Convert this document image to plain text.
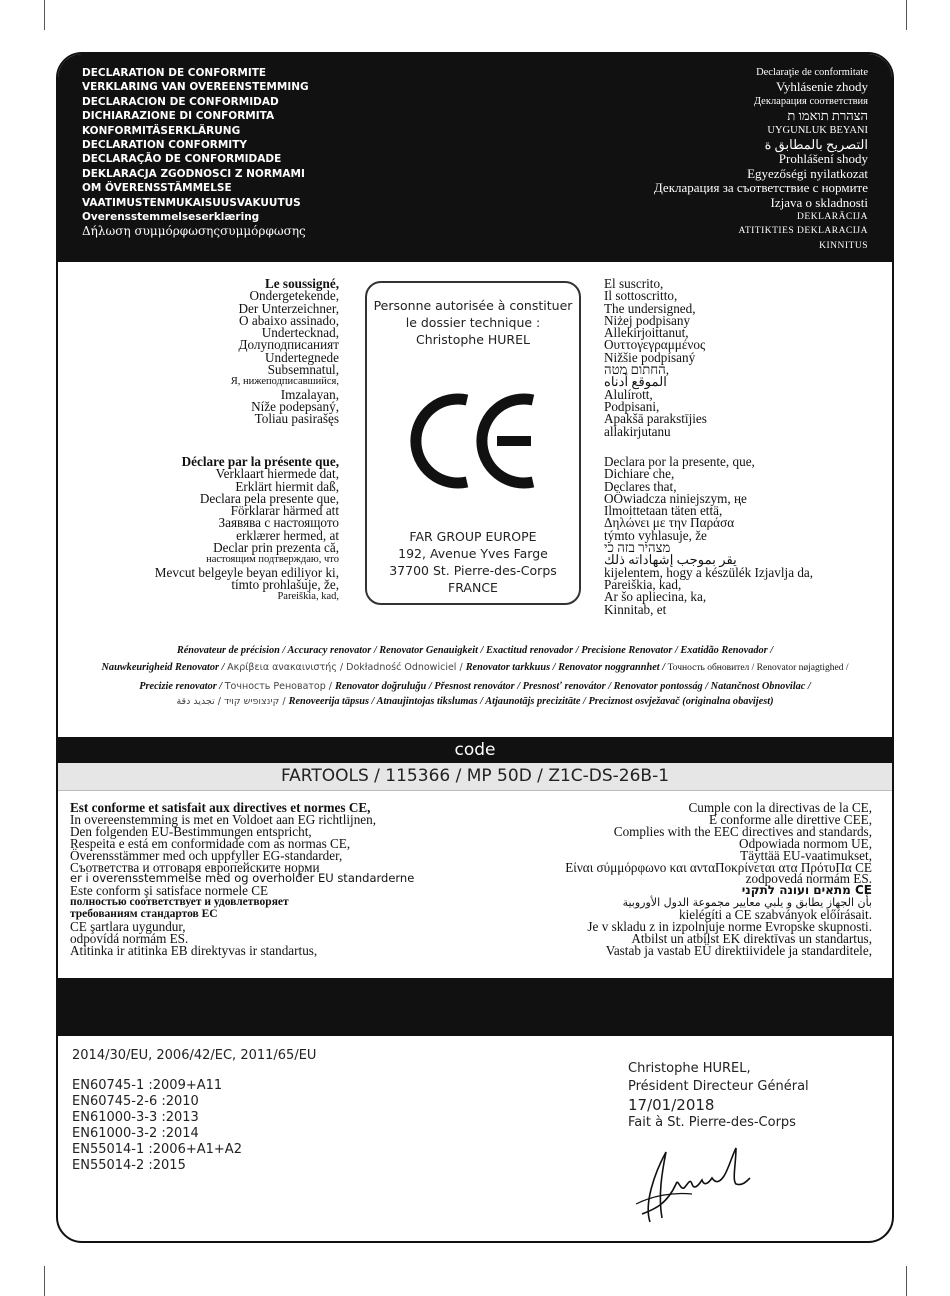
DECLARATION DE CONFORMITE
VERKLARING VAN OVEREENSTEMMING
DECLARACION DE CONFORMIDAD
DICHIARAZIONE DI CONFORMITA
KONFORMITÄSERKLÄRUNG
DECLARATION CONFORMITY
DECLARAÇÃO DE CONFORMIDADE
DEKLARACJA ZGODNOSCI Z NORMAMI
OM ÖVERENSSTÄMMELSE
VAATIMUSTENMUKAISUUSVAKUUTUS
Overensstemmelseserklæring
Δήλωση συμμόρφωσηςσυμμόρφωσης
Declaraţie de conformitate
Vyhlásenie zhody
Декларация соответствия
הצהרת תואמו ת
UYGUNLUK BEYANI
التصريح بالمطابق ة
Prohlášení shody
Egyezőségi nyilatkozat
Декларация за съответствие с нормите
Izjava o skladnosti
DEKLARĀCIJA
ATITIKTIES DEKLARACIJA
KINNITUS
Le soussigné,
Ondergetekende,
Der Unterzeichner,
O abaixo assinado,
Undertecknad,
Долуподписаният
Undertegnede
Subsemnatul,
Я, нижеподписавшийся,
Imzalayan,
Níže podepsaný,
Toliau pasirašęs
Déclare par la présente que,
Verklaart hiermede dat,
Erklärt hiermit daß,
Declara pela presente que,
Förklarar härmed att
Заявява с настоящото
erklærer hermed, at
Declar prin prezenta că,
настоящим подтверждаю, что
Mevcut belgeyle beyan ediliyor ki,
tímto prohlašuje, že,
Pareiškia, kad,
Personne autorisée à constituer
le dossier technique :
Christophe HUREL
FAR GROUP EUROPE
192, Avenue Yves Farge
37700 St. Pierre-des-Corps
FRANCE
El suscrito,
Il sottoscritto,
The undersigned,
Niżej podpisany
Allekirjoittanut,
Ουττογεγραμμένος
Nižšie podpísaný
החתום מטה,
الموقع أدناه
Alulírott,
Podpisani,
Apakšā parakstījies
allakirjutanu
Declara por la presente, que,
Dichiare che,
Declares that,
OÖwiadcza niniejszym, ңe
Ilmoittetaan täten että,
Δηλώνει με την Παράσα
týmto vyhlasuje, že
מצהיר בזה כי
يقر بموجب إشهاداته ذلك
kijelentem, hogy a készülék Izjavlja da,
Pareiškia, kad,
Ar šo apliecina, ka,
Kinnitab, et
Rénovateur de précision / Accuracy renovator / Renovator Genauigkeit / Exactitud renovador / Precisione Renovator / Exatidão Renovador /
Nauwkeurigheid Renovator / Ακρίβεια ανακαινιστής / Dokładność Odnowiciel / Renovator tarkkuus / Renovator noggrannhet / Точность обновител / Renovator nøjagtighed /
Precizie renovator / Точность Реноватор / Renovator doğruluğu / Přesnost renovátor / Presnosť renovátor / Renovator pontosság / Natančnost Obnovilac /
קינצופיש קויד / تجديد دقة / Renoveerija täpsus / Atnaujintojas tikslumas / Atjaunotājs precizitāte / Preciznost osvježavač (originalna obavijest)
code
FARTOOLS / 115366 / MP 50D / Z1C-DS-26B-1
Est conforme et satisfait aux directives et normes CE,
In overeenstemming is met en Voldoet aan EG richtlijnen,
Den folgenden EU-Bestimmungen entspricht,
Respeita e está em conformidade com as normas CE,
Överensstämmer med och uppfyller EG-standarder,
Съответства и отговаря европейските норми
er i overensstemmelse med og overholder EU standarderne
Este conform şi satisface normele CE
полностью соответствует и удовлетворяет
требованиям стандартов ЕС
CE şartlara uygundur,
odpovídá normám ES.
Atitinka ir atitinka EB direktyvas ir standartus,
Cumple con la directivas de la CE,
E conforme alle direttive CEE,
Complies with the EEC directives and standards,
Odpowiada normom UE,
Täyttää EU-vaatimukset,
Είναι σύμμόρφωνο και ανταΠοκρίνεται ατα ΠρότυΠα CE
zodpovedá normám ES.
מתאים ועונה לתקני CE
بأن الجهاز يطابق و يلبي معايير مجموعة الدول الأوروبية
kielégíti a CE szabványok előírásait.
Je v skladu z in izpolnjuje norme Evropske skupnosti.
Atbilst un atbilst EK direktīvas un standartus,
Vastab ja vastab EÜ direktiividele ja standarditele,
2014/30/EU, 2006/42/EC, 2011/65/EU
EN60745-1 :2009+A11
EN60745-2-6 :2010
EN61000-3-3 :2013
EN61000-3-2 :2014
EN55014-1 :2006+A1+A2
EN55014-2 :2015
Christophe HUREL,
Président Directeur Général
17/01/2018
Fait à St. Pierre-des-Corps
